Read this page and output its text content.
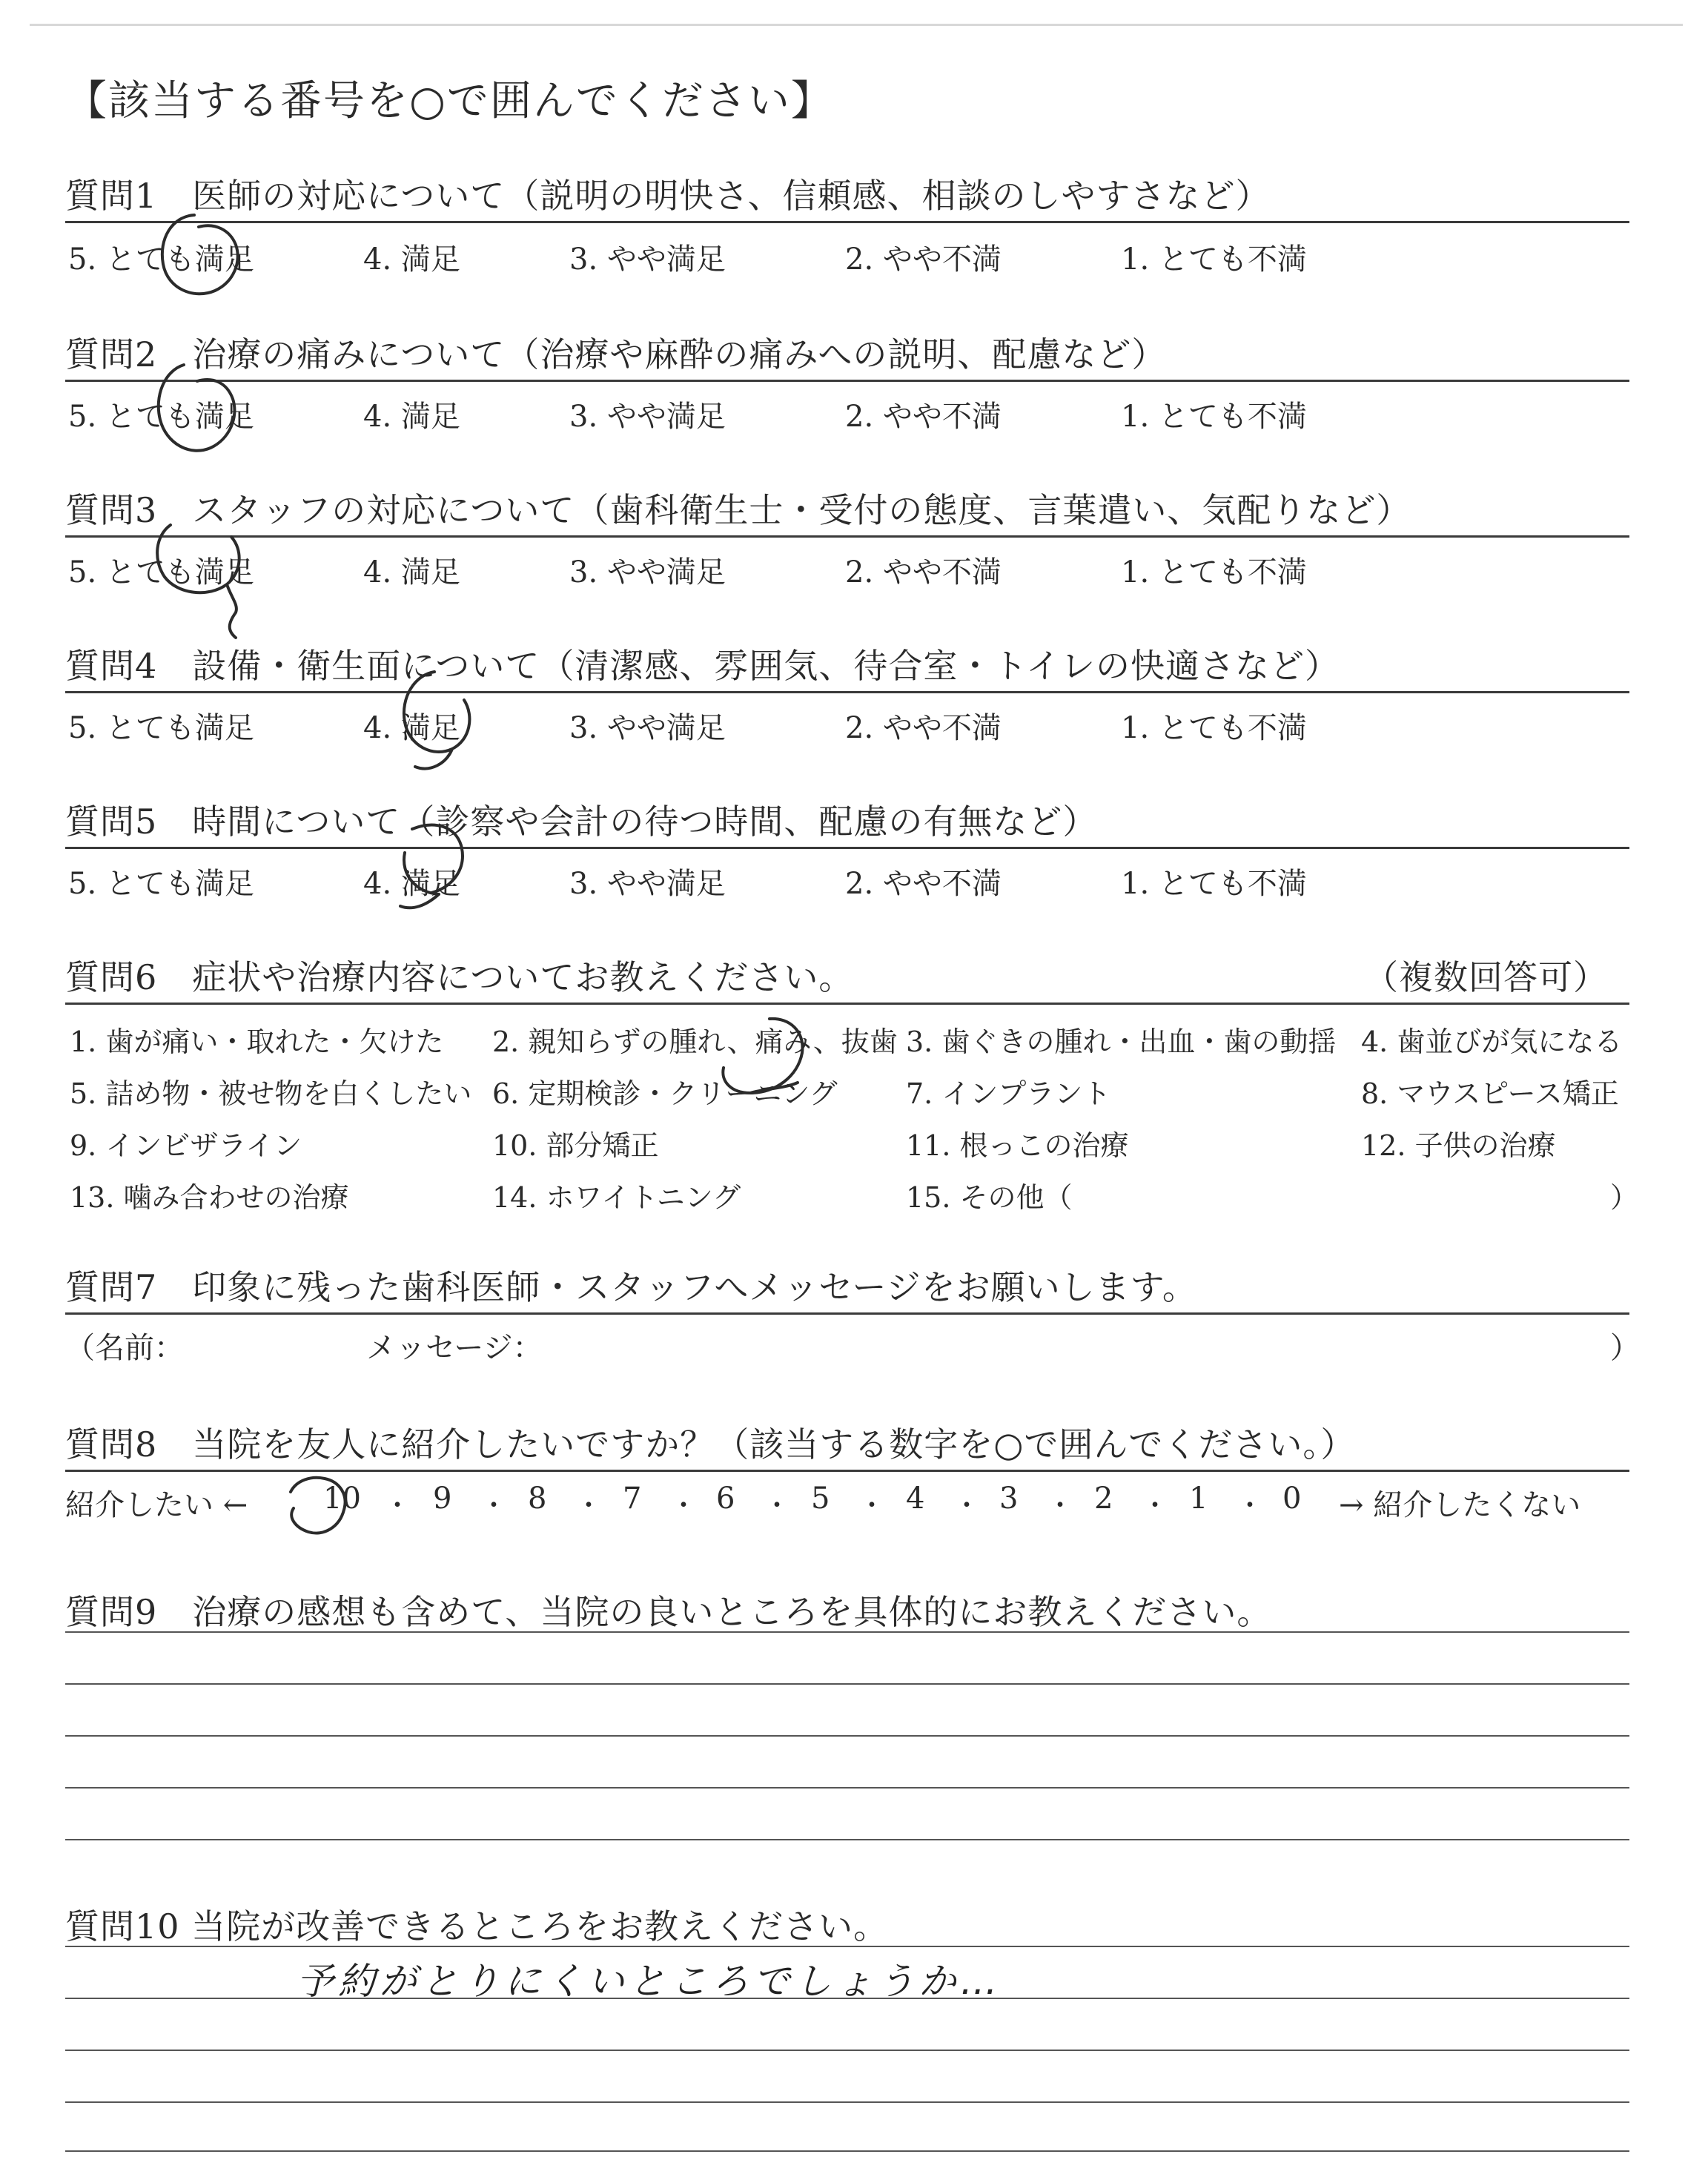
【該当する番号を○で囲んでください】
質問1　医師の対応について（説明の明快さ、信頼感、相談のしやすさなど）
5. とても満足	4. 満足	3. やや満足	2. やや不満	1. とても不満
質問2　治療の痛みについて（治療や麻酔の痛みへの説明、配慮など）
5. とても満足	4. 満足	3. やや満足	2. やや不満	1. とても不満
質問3　スタッフの対応について（歯科衛生士・受付の態度、言葉遣い、気配りなど）
5. とても満足	4. 満足	3. やや満足	2. やや不満	1. とても不満
質問4　設備・衛生面について（清潔感、雰囲気、待合室・トイレの快適さなど）
5. とても満足	4. 満足	3. やや満足	2. やや不満	1. とても不満
質問5　時間について（診察や会計の待つ時間、配慮の有無など）
5. とても満足	4. 満足	3. やや満足	2. やや不満	1. とても不満
質問6　症状や治療内容についてお教えください。	（複数回答可）
1. 歯が痛い・取れた・欠けた 2. 親知らずの腫れ、痛み、抜歯 3. 歯ぐきの腫れ・出血・歯の動揺 4. 歯並びが気になる
5. 詰め物・被せ物を白くしたい 6. 定期検診・クリーニング 7. インプラント	8. マウスピース矯正
9. インビザライン	10. 部分矯正	11. 根っこの治療	12. 子供の治療
13. 噛み合わせの治療	14. ホワイトニング	15. その他（	）
質問7　印象に残った歯科医師・スタッフへメッセージをお願いします。
（名前：	メッセージ：	）
質問8　当院を友人に紹介したいですか？（該当する数字を○で囲んでください。）
紹介したい ←	→ 紹介したくない
10 ・ 9 ・ 8 ・ 7 ・ 6 ・ 5 ・ 4 ・ 3 ・ 2 ・ 1 ・ 0
質問9　治療の感想も含めて、当院の良いところを具体的にお教えください。
質問10 当院が改善できるところをお教えください。
予約がとりにくいところでしょうか…
